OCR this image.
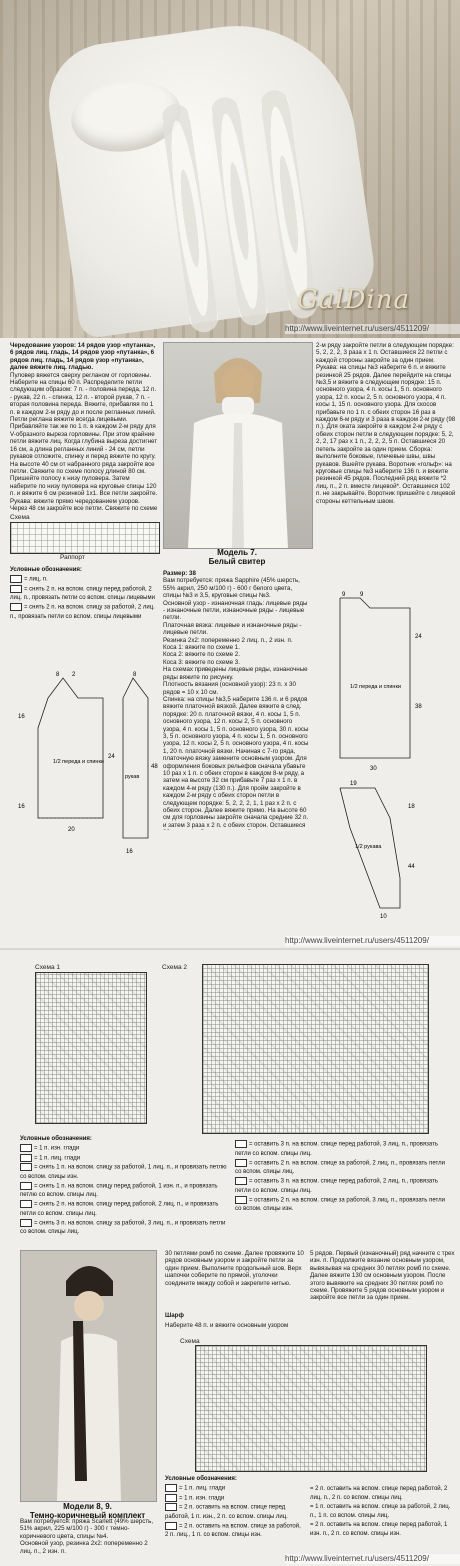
GalDina
http://www.liveinternet.ru/users/4511209/
Чередование узоров: 14 рядов узор «путанка», 6 рядов лиц. гладь, 14 рядов узор «путанка», 6 рядов лиц. гладь, 14 рядов узор «путанка», далее вяжите лиц. гладью.
Пуловер вяжется сверху регланом от горловины.
Наберите на спицы 60 п. Распределите петли следующим образом: 7 п. - половина переда, 12 п. - рукав, 22 п. - спинка, 12 п. - второй рукав, 7 п. - вторая половина переда. Вяжите, прибавляя по 1 п. в каждом 2-м ряду до и после регланных линий. Петли реглана вяжите всегда лицевыми. Прибавляйте так же по 1 п. в каждом 2-м ряду для V-образного выреза горловины. При этом крайние петли вяжите лиц. Когда глубина выреза достигнет 16 см, а длина регланных линий - 24 см, петли рукавов отложите, спинку и перед вяжите по кругу. На высоте 40 см от набранного ряда закройте все петли. Свяжите по схеме полосу длиной 80 см. Пришейте полосу к низу пуловера. Затем наберите по низу пуловера на круговые спицы 120 п. и вяжите 6 см резинкой 1х1. Все петли закройте.
Рукава: вяжите прямо чередованием узоров. Через 48 см закройте все петли. Свяжите по схеме
Схема
Раппорт
Условные обозначения:
= лиц. п.
= снять 2 п. на вспом. спицу перед работой, 2 лиц. п., провязать петли со вспом. спицы лицевыми
= снять 2 п. на вспом. спицу за работой, 2 лиц. п., провязать петли со вспом. спицы лицевыми
8 2
16
1/2 переда и спинки
24
16
20
8
48
16
рукав
Модель 7.
Белый свитер
Размер: 38
Вам потребуется: пряжа Sapphire (45% шерсть, 55% акрил, 250 м/100 г) - 600 г белого цвета, спицы №3 и 3,5, круговые спицы №3.
Основной узор - изнаночная гладь: лицевые ряды - изнаночные петли, изнаночные ряды - лицевые петли.
Платочная вязка: лицевые и изнаночные ряды - лицевые петли.
Резинка 2х2: попеременно 2 лиц. п., 2 изн. п.
Коса 1: вяжите по схеме 1.
Коса 2: вяжите по схеме 2.
Коса 3: вяжите по схеме 3.
На схемах приведены лицевые ряды, изнаночные ряды вяжите по рисунку.
Плотность вязания (основной узор): 23 п. х 30 рядов = 10 х 10 см.
Спинка: на спицы №3,5 наберите 136 п. и 6 рядов вяжите платочной вязкой. Далее вяжите в след. порядке: 20 п. платочной вязки, 4 п. косы 1, 5 п. основного узора, 12 п. косы 2, 5 п. основного узора, 4 п. косы 1, 5 п. основного узора, 30 п. косы 3, 5 п. основного узора, 4 п. косы 1, 5 п. основного узора, 12 п. косы 2, 5 п. основного узора, 4 п. косы 1, 20 п. платочной вязки. Начиная с 7-го ряда, платочную вязку замените основным узором. Для оформления боковых рельефов сначала убавьте 10 раз х 1 п. с обеих сторон в каждом 8-м ряду, а затем на высоте 32 см прибавьте 7 раз х 1 п. в каждом 4-м ряду (130 п.). Для пройм закройте в каждом 2-м ряду с обеих сторон петли в следующем порядке: 5, 2, 2, 2, 1, 1 раз х 2 п. с обеих сторон. Далее вяжите прямо. На высоте 60 см для горловины закройте сначала средние 32 п. и затем 3 раза х 2 п. с обеих сторон. Оставшиеся
2-м ряду закройте петли в следующем порядке: 5, 2, 2, 2, 3 раза х 1 п. Оставшиеся 22 петли с каждой стороны закройте за один прием. Рукава: на спицы №3 наберите 6 п. и вяжите резинкой 25 рядов. Далее перейдите на спицы №3,5 и вяжите в следующем порядке: 15 п. основного узора, 4 п. косы 1, 5 п. основного узора, 12 п. косы 2, 5 п. основного узора, 4 п. косы 1, 15 п. основного узора. Для скосов прибавьте по 1 п. с обеих сторон 16 раз в каждом 6-м ряду и 3 раза в каждом 2-м ряду (98 п.). Для оката закройте в каждом 2-м ряду с обеих сторон петли в следующем порядке: 5, 2, 2, 2, 17 раз х 1 п., 2, 2, 2, 5 п. Оставшиеся 20 петель закройте за один прием. Сборка: выполните боковые, плечевые швы, швы рукавов. Вшейте рукава. Воротник «гольф»: на круговые спицы №3 наберите 136 п. и вяжите резинкой 45 рядов. Последний ряд вяжите *2 лиц. п., 2 п. вместе лицевой*. Оставшиеся 102 п. не закрывайте. Воротник пришейте с лицевой стороны кеттельным швом.
9 9
24
38
1/2 переда и спинки
30
19
18
1/2 рукава
44
10
http://www.liveinternet.ru/users/4511209/
Схема 1	Схема 2
Условные обозначения:
= 1 п. изн. глади
= 1 п. лиц. глади
= снять 1 п. на вспом. спицу за работой, 1 лиц. п., и провязать петлю со вспом. спицы изн.
= снять 1 п. на вспом. спицу перед работой, 1 изн. п., и провязать петлю со вспом. спицы лиц.
= снять 2 п. на вспом. спицу перед работой, 2 лиц. п., и провязать петли со вспом. спицы лиц.
= снять 3 п. на вспом. спицу за работой, 3 лиц. п., и провязать петли со вспом. спицы лиц.
= оставить 3 п. на вспом. спице перед работой, 3 лиц. п., провязать петли со вспом. спицы лиц.
= оставить 2 п. на вспом. спице за работой, 2 лиц. п., провязать петли со вспом. спицы лиц.
= оставить 3 п. на вспом. спице перед работой, 2 лиц. п., провязать петли со вспом. спицы лиц.
= оставить 2 п. на вспом. спице за работой, 3 лиц. п., провязать петли со вспом. спицы изн.
Модели 8, 9.
Темно-коричневый комплект
30 петлями ромб по схеме. Далее провяжите 10 рядов основным узором и закройте петли за один прием. Выполните продольный шов. Верх шапочки соберите по прямой, уголочки соедините между собой и закрепите нитью.
Шарф
Наберите 48 п. и вяжите основным узором
5 рядов. Первый (изнаночный) ряд начните с трех изн. п. Продолжите вязание основным узором, вывязывая на средних 30 петлях ромб по схеме. Далее вяжите 130 см основным узором. После этого вывяжите на средних 30 петлях ромб по схеме. Провяжите 5 рядов основным узором и закройте все петли за один прием.
Схема
Вам потребуется: пряжа Scarlett (49% шерсть, 51% акрил, 225 м/100 г) - 300 г темно-коричневого цвета, спицы №4.
Основной узор, резинка 2х2: попеременно 2 лиц. п., 2 изн. п.
Условные обозначения:
= 1 п. лиц. глади
= 1 п. изн. глади
= 2 п. оставить на вспом. спице перед работой, 1 п. изн., 2 п. со вспом. спицы лиц.
= 2 п. оставить на вспом. спице за работой, 2 п. лиц., 1 п. со вспом. спицы изн.
= 2 п. оставить на вспом. спице перед работой, 2 лиц. п., 2 п. со вспом. спицы лиц.
= 1 п. оставить на вспом. спице за работой, 2 лиц. п., 1 п. со вспом. спицы лиц.
= 2 п. оставить на вспом. спице перед работой, 1 изн. п., 2 п. со вспом. спицы изн.
http://www.liveinternet.ru/users/4511209/
